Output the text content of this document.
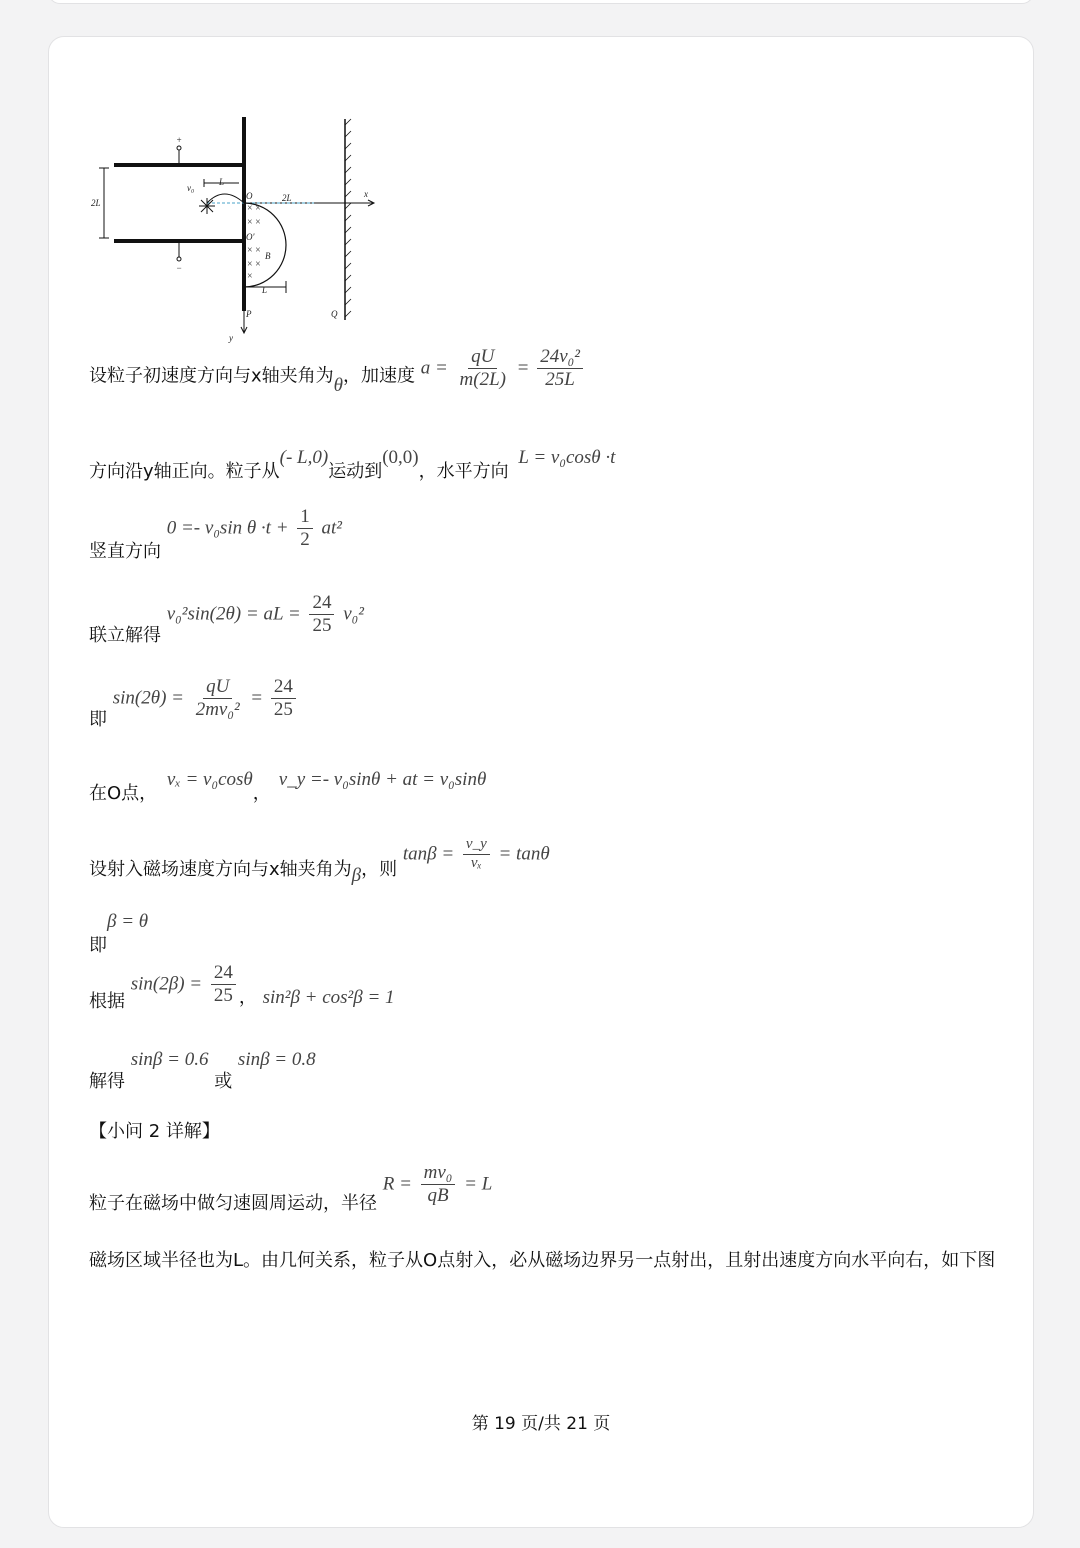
× ×
× ×
× ×
× ×
×
+
−
v₀
L
O	2L	x
2L
O'
B
L
P	Q
y
设粒子初速度方向与x轴夹角为θ，加速度 $a = \frac{qU}{m(2L)} = \frac{\text{24v₀²}}{25L}$
方向沿y轴正向。粒子从(- L,0)运动到(0,0)，水平方向 L = v₀cosθ ·t
竖直方向 0 =- v₀sin $\theta \cdot t + \frac{1}{2} at^2$
联立解得 v₀²sin(2θ) = aL = $\frac{24}{25} v_0^2$
即 $\sin(2\theta) = \frac{qU}{\text{2mv₀²}} = \frac{24}{25}$
在O点， vₓ = v₀cosθ，v_y =- v₀sinθ + at = v₀sinθ
设射入磁场速度方向与x轴夹角为β，则 $\tan\beta = \frac{v\_y}{\text{vₓ}} = \tan\theta$
即β = θ
根据 $\sin(2\beta) = \frac{24}{25}$ ， sin²β + cos²β = 1
解得 sinβ = 0.6 或 sinβ = 0.8
【小问 2 详解】
粒子在磁场中做匀速圆周运动，半径 $R = \frac{\text{mv₀}}{qB} = L$
磁场区域半径也为L。由几何关系，粒子从O点射入，必从磁场边界另一点射出，且射出速度方向水平向右，如下图
第 19 页/共 21 页
